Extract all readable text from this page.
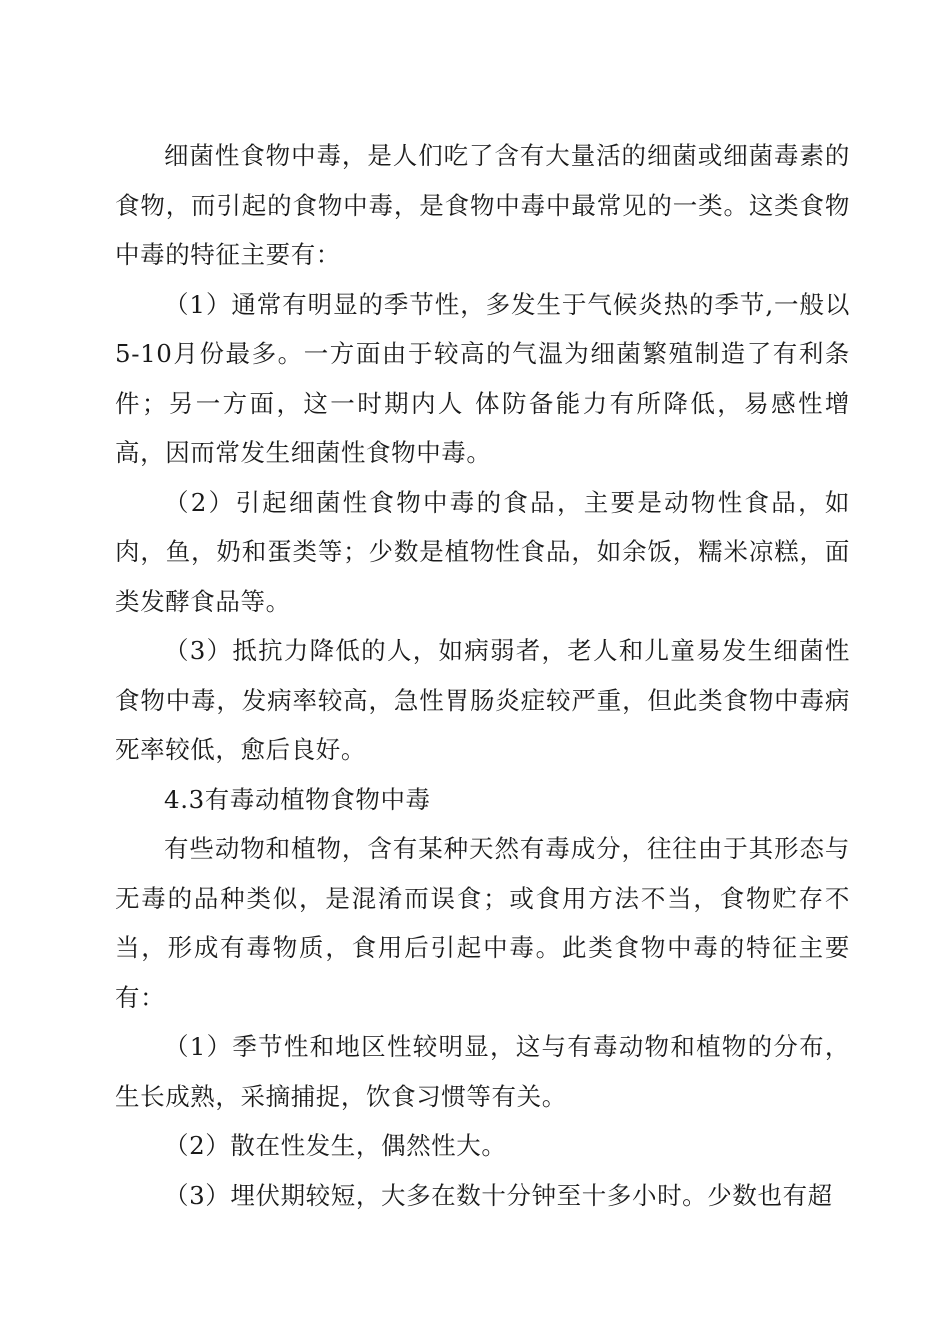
细菌性食物中毒，是人们吃了含有大量活的细菌或细菌毒素的食物，而引起的食物中毒，是食物中毒中最常见的一类。这类食物中毒的特征主要有：

（1）通常有明显的季节性，多发生于气候炎热的季节,一般以5-10月份最多。一方面由于较高的气温为细菌繁殖制造了有利条件；另一方面，这一时期内人 体防备能力有所降低，易感性增高，因而常发生细菌性食物中毒。

（2）引起细菌性食物中毒的食品，主要是动物性食品，如肉，鱼，奶和蛋类等；少数是植物性食品，如余饭，糯米凉糕，面类发酵食品等。

（3）抵抗力降低的人，如病弱者，老人和儿童易发生细菌性食物中毒，发病率较高，急性胃肠炎症较严重，但此类食物中毒病死率较低，愈后良好。

4.3有毒动植物食物中毒

有些动物和植物，含有某种天然有毒成分，往往由于其形态与无毒的品种类似，是混淆而误食；或食用方法不当，食物贮存不当，形成有毒物质，食用后引起中毒。此类食物中毒的特征主要有：

（1）季节性和地区性较明显，这与有毒动物和植物的分布，生长成熟，采摘捕捉，饮食习惯等有关。

（2）散在性发生，偶然性大。

（3）埋伏期较短，大多在数十分钟至十多小时。少数也有超
